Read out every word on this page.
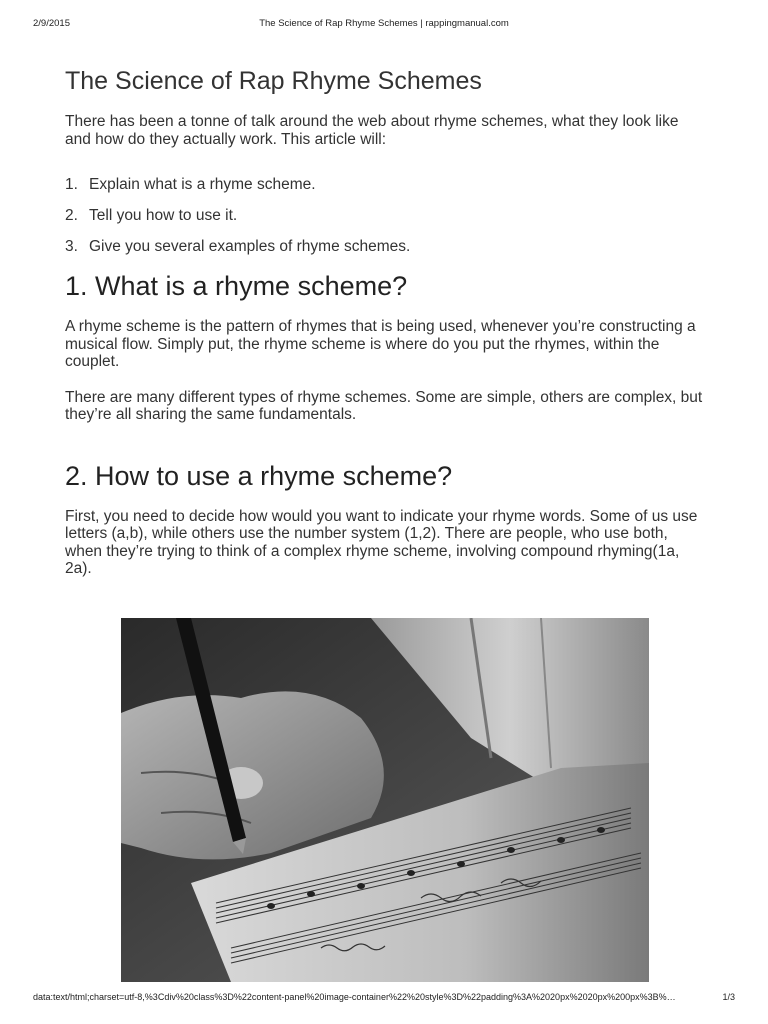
2/9/2015	The Science of Rap Rhyme Schemes | rappingmanual.com
The Science of Rap Rhyme Schemes

There has been a tonne of talk around the web about rhyme schemes, what they look like and how do they actually work. This article will:

1. Explain what is a rhyme scheme.
2. Tell you how to use it.
3. Give you several examples of rhyme schemes.
1. What is a rhyme scheme?

A rhyme scheme is the pattern of rhymes that is being used, whenever you’re constructing a musical flow. Simply put, the rhyme scheme is where do you put the rhymes, within the couplet.

There are many different types of rhyme schemes. Some are simple, others are complex, but they’re all sharing the same fundamentals.

2. How to use a rhyme scheme?

First, you need to decide how would you want to indicate your rhyme words. Some of us use letters (a,b), while others use the number system (1,2). There are people, who use both, when they’re trying to think of a complex rhyme scheme, involving compound rhyming(1a, 2a).

data:text/html;charset=utf-8,%3Cdiv%20class%3D%22content-panel%20image-container%22%20style%3D%22padding%3A%2020px%2020px%200px%3B%…	1/3
